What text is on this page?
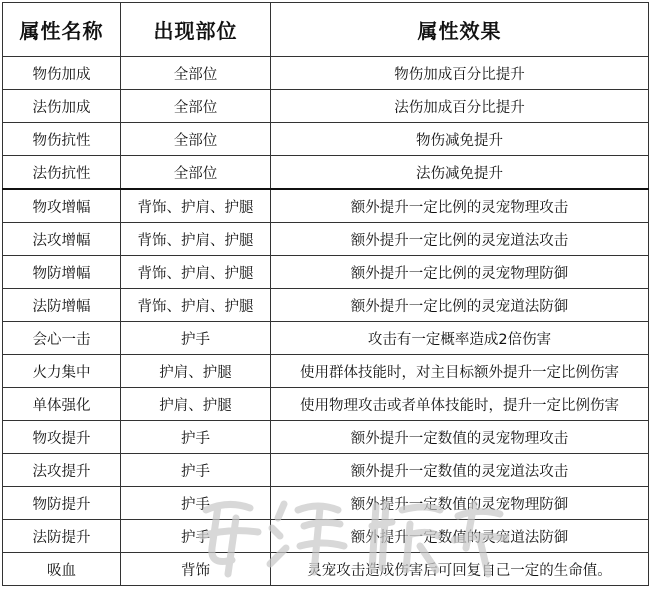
属性名称	出现部位	属性效果
物伤加成	全部位	物伤加成百分比提升
法伤加成	全部位	法伤加成百分比提升
物伤抗性	全部位	物伤减免提升
法伤抗性	全部位	法伤减免提升
物攻增幅	背饰、护肩、护腿	额外提升一定比例的灵宠物理攻击
法攻增幅	背饰、护肩、护腿	额外提升一定比例的灵宠道法攻击
物防增幅	背饰、护肩、护腿	额外提升一定比例的灵宠物理防御
法防增幅	背饰、护肩、护腿	额外提升一定比例的灵宠道法防御
会心一击	护手	攻击有一定概率造成2倍伤害
火力集中	护肩、护腿	使用群体技能时，对主目标额外提升一定比例伤害
单体强化	护肩、护腿	使用物理攻击或者单体技能时，提升一定比例伤害
物攻提升	护手	额外提升一定数值的灵宠物理攻击
法攻提升	护手	额外提升一定数值的灵宠道法攻击
物防提升	护手	额外提升一定数值的灵宠物理防御
法防提升	护手	额外提升一定数值的灵宠道法防御
吸血	背饰	灵宠攻击造成伤害后可回复自己一定的生命值。
